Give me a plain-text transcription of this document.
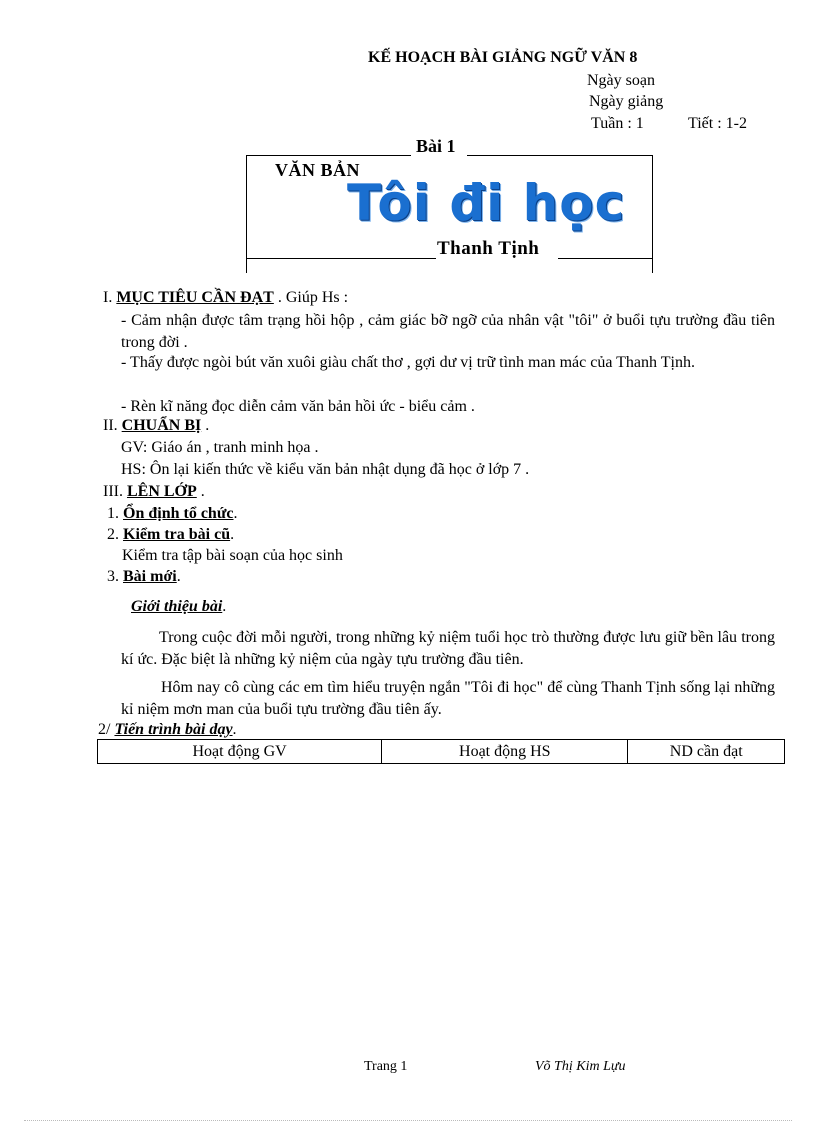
KẾ HOẠCH BÀI GIẢNG NGỮ VĂN 8
Ngày soạn
Ngày giảng
Tuần : 1	Tiết : 1-2
Bài 1
VĂN BẢN
Tôi đi học
Thanh Tịnh
I. MỤC TIÊU CẦN ĐẠT . Giúp Hs :
- Cảm nhận được tâm trạng hồi hộp , cảm giác bỡ ngỡ của nhân vật "tôi" ở buổi tựu trường đầu tiên trong đời .
- Thấy được ngòi bút văn xuôi giàu chất thơ , gợi dư vị trữ tình man mác của Thanh Tịnh.
- Rèn kĩ năng đọc diễn cảm văn bản hồi ức - biểu cảm .
II. CHUẨN BỊ .
GV: Giáo án , tranh minh họa .
HS: Ôn lại kiến thức về kiểu văn bản nhật dụng đã học ở lớp 7 .
III. LÊN LỚP .
1. Ổn định tổ chức.
2. Kiểm tra bài cũ.
Kiểm tra tập bài soạn của học sinh
3. Bài mới.
Giới thiệu bài.
Trong cuộc đời mỗi người, trong những kỷ niệm tuổi học trò thường được lưu giữ bền lâu trong kí ức. Đặc biệt là những kỷ niệm của ngày tựu trường đầu tiên.
Hôm nay cô cùng các em tìm hiểu truyện ngắn "Tôi đi học" để cùng Thanh Tịnh sống lại những kỉ niệm mơn man của buổi tựu trường đầu tiên ấy.
2/ Tiến trình bài dạy.
Hoạt động GV	Hoạt động HS	ND cần đạt
Trang 1	Võ Thị Kim Lựu
